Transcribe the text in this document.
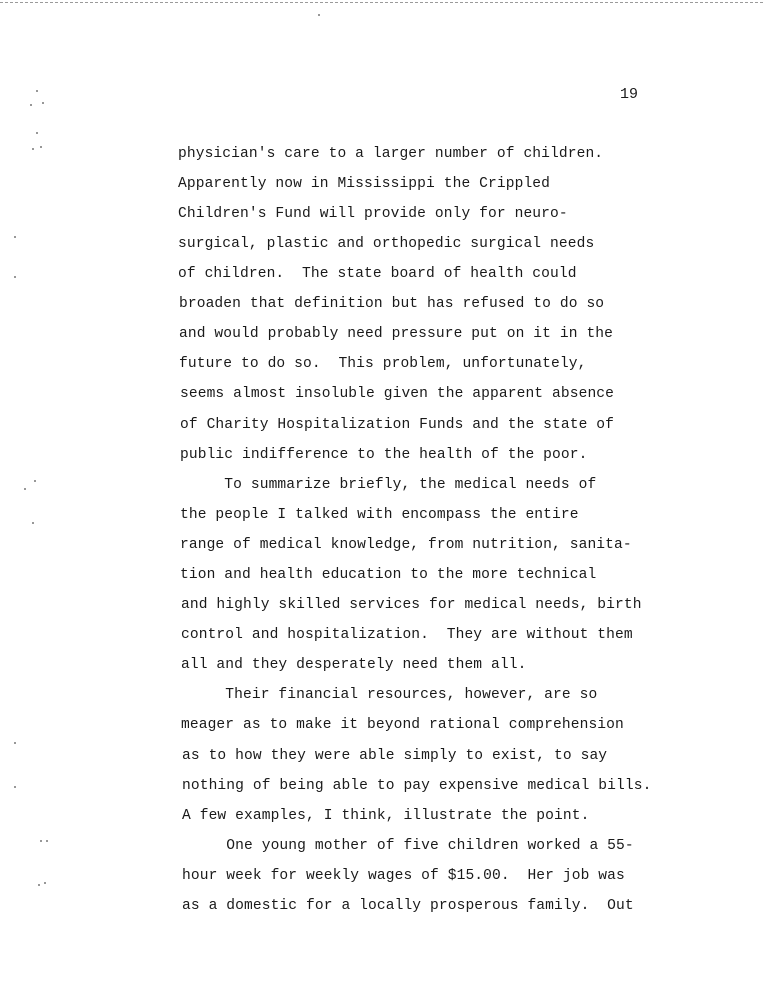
19
physician's care to a larger number of children.
Apparently now in Mississippi the Crippled
Children's Fund will provide only for neuro-
surgical, plastic and orthopedic surgical needs
of children.  The state board of health could
broaden that definition but has refused to do so
and would probably need pressure put on it in the
future to do so.  This problem, unfortunately,
seems almost insoluble given the apparent absence
of Charity Hospitalization Funds and the state of
public indifference to the health of the poor.
To summarize briefly, the medical needs of
the people I talked with encompass the entire
range of medical knowledge, from nutrition, sanita-
tion and health education to the more technical
and highly skilled services for medical needs, birth
control and hospitalization.  They are without them
all and they desperately need them all.
Their financial resources, however, are so
meager as to make it beyond rational comprehension
as to how they were able simply to exist, to say
nothing of being able to pay expensive medical bills.
A few examples, I think, illustrate the point.
One young mother of five children worked a 55-
hour week for weekly wages of $15.00.  Her job was
as a domestic for a locally prosperous family.  Out
